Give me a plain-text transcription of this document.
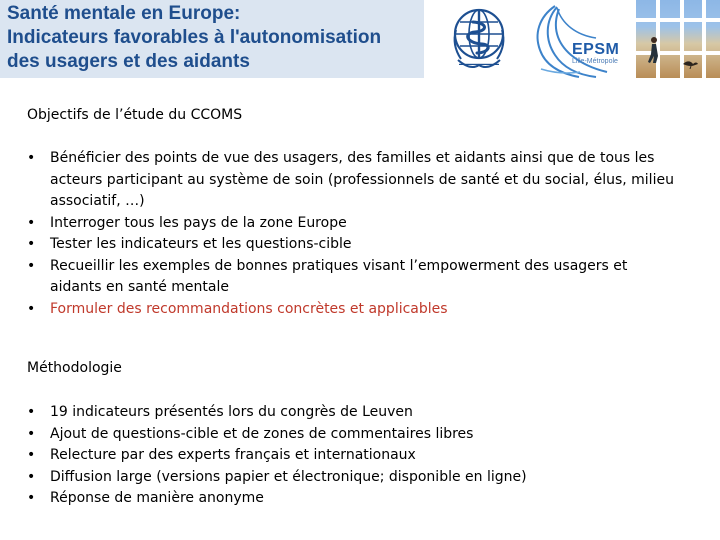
Santé mentale en Europe:
Indicateurs favorables à l'autonomisation
des usagers et des aidants	▬▬▬▬▬▬▬▬▬▬
EPSM
Lille-Métropole
Objectifs de l’étude du CCOMS
• Bénéficier des points de vue des usagers, des familles et aidants ainsi que de tous les acteurs participant au système de soin (professionnels de santé et du social, élus, milieu associatif, …)
• Interroger tous les pays de la zone Europe
• Tester les indicateurs et les questions-cible
• Recueillir les exemples de bonnes pratiques visant l’empowerment des usagers et aidants en santé mentale
• Formuler des recommandations concrètes et applicables
Méthodologie
• 19 indicateurs présentés lors du congrès de Leuven
• Ajout de questions-cible et de zones de commentaires libres
• Relecture par des experts français et internationaux
• Diffusion large (versions papier et électronique; disponible en ligne)
• Réponse de manière anonyme
